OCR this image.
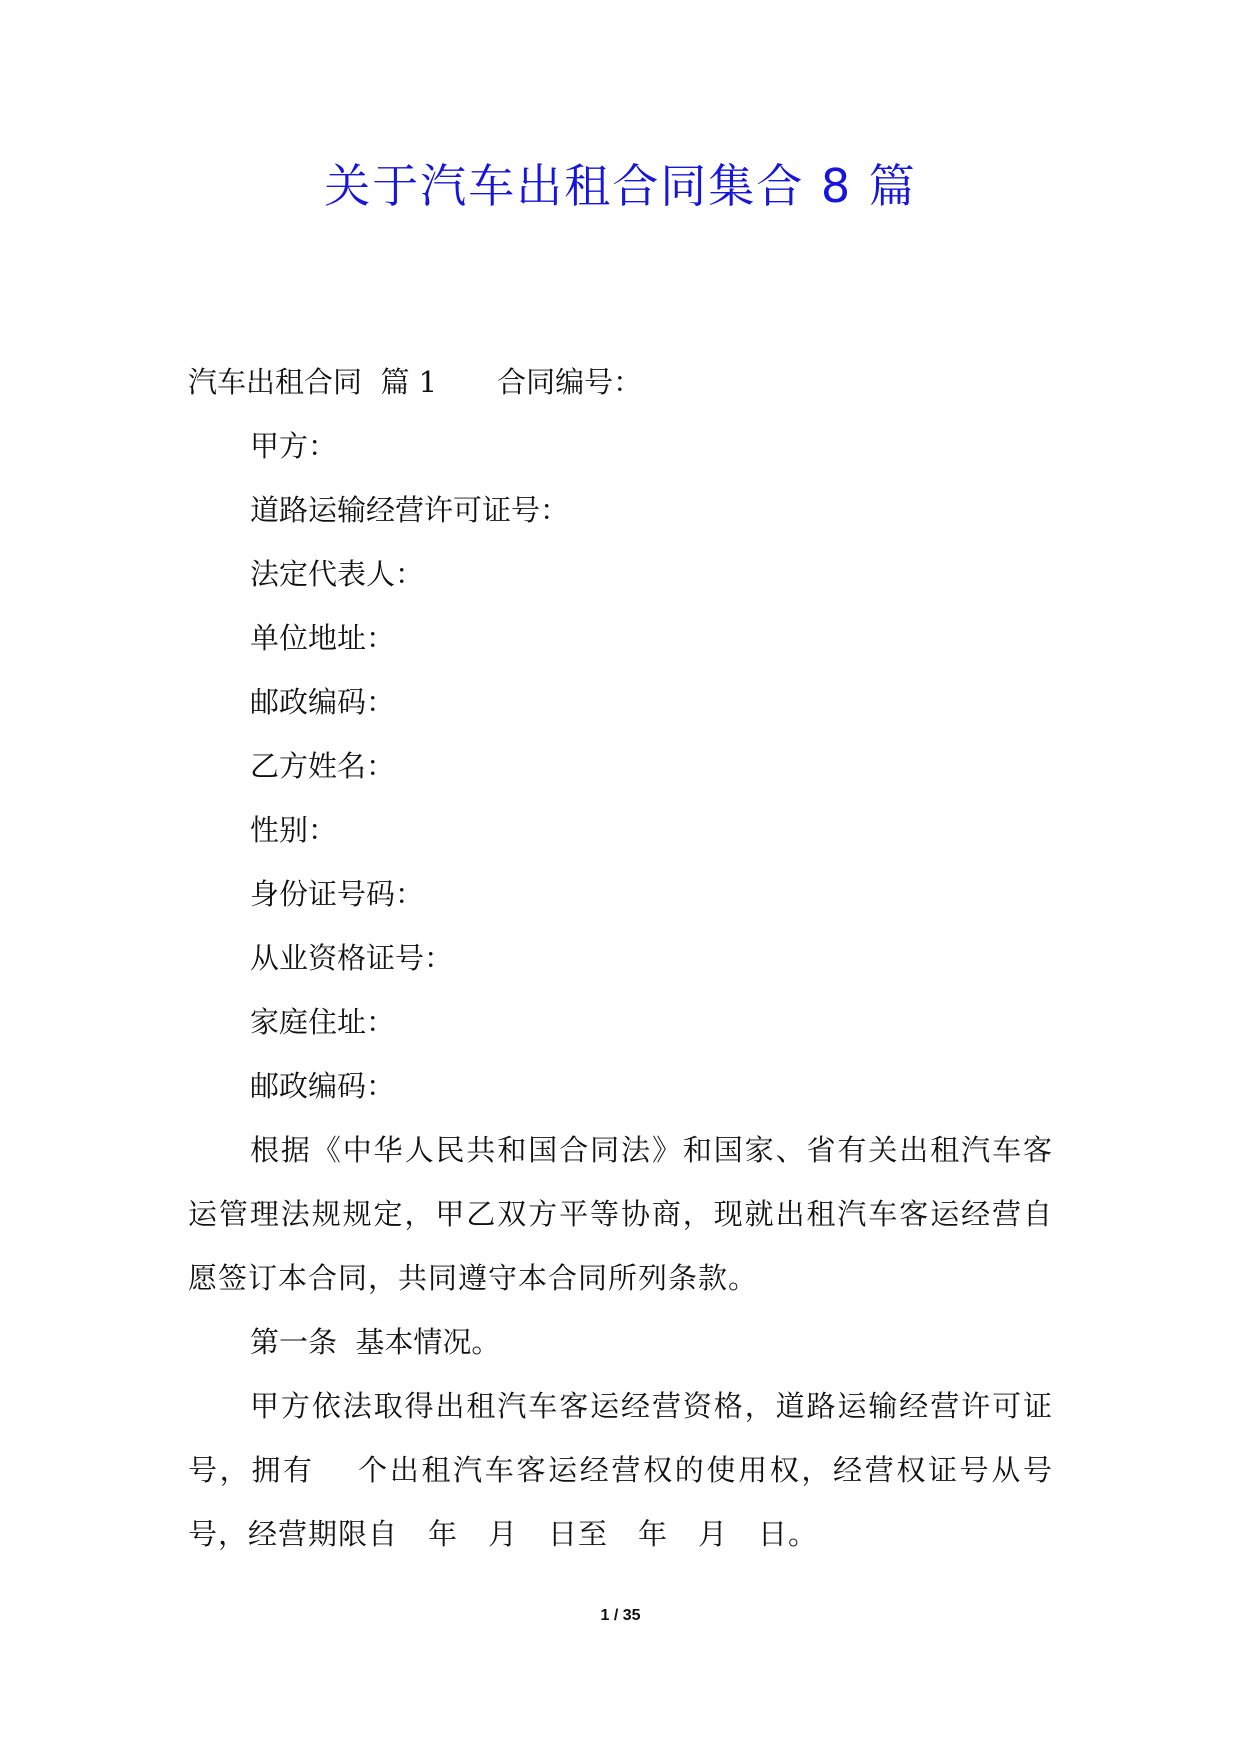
关于汽车出租合同集合 8 篇
汽车出租合同 篇 1 合同编号：
甲方：
道路运输经营许可证号：
法定代表人：
单位地址：
邮政编码：
乙方姓名：
性别：
身份证号码：
从业资格证号：
家庭住址：
邮政编码：
根据《中华人民共和国合同法》和国家、省有关出租汽车客运管理法规规定，甲乙双方平等协商，现就出租汽车客运经营自愿签订本合同，共同遵守本合同所列条款。
第一条  基本情况。
甲方依法取得出租汽车客运经营资格，道路运输经营许可证号，拥有　 个出租汽车客运经营权的使用权，经营权证号从号　　号，经营期限自　年　月　日至　年　月　日。
1 / 35
